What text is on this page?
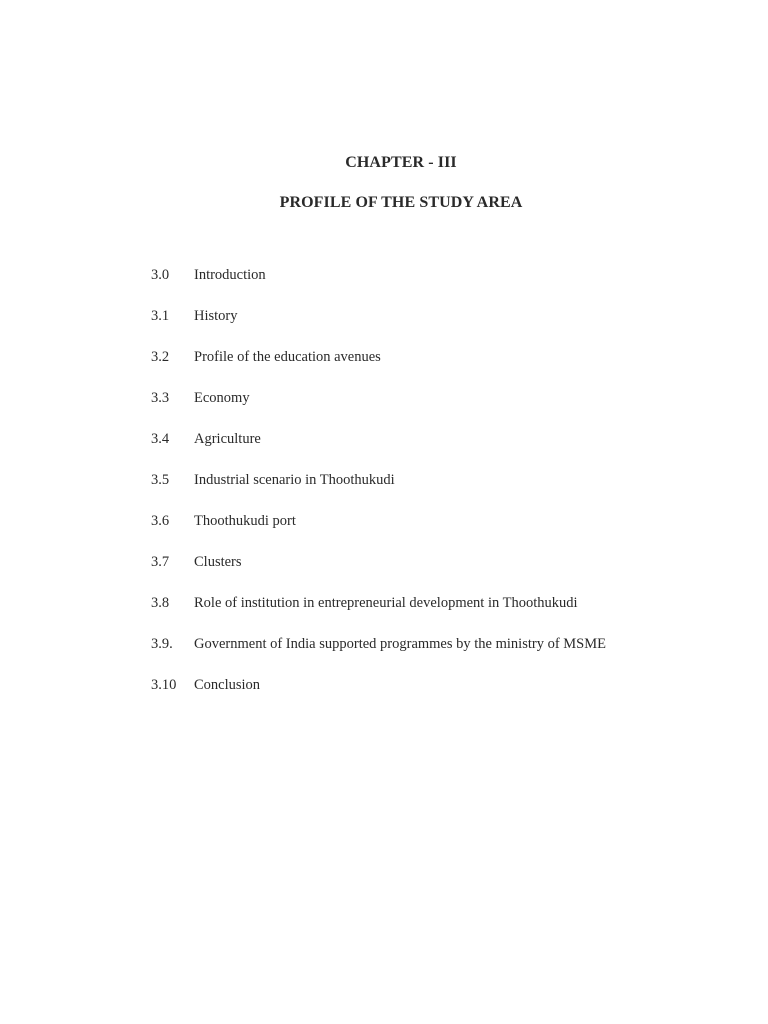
CHAPTER - III
PROFILE OF THE STUDY AREA
3.0	Introduction
3.1	History
3.2	Profile of the education avenues
3.3	Economy
3.4	Agriculture
3.5	Industrial scenario in Thoothukudi
3.6	Thoothukudi port
3.7	Clusters
3.8	Role of institution in entrepreneurial development in Thoothukudi
3.9.	Government of India supported programmes by the ministry of MSME
3.10	Conclusion
